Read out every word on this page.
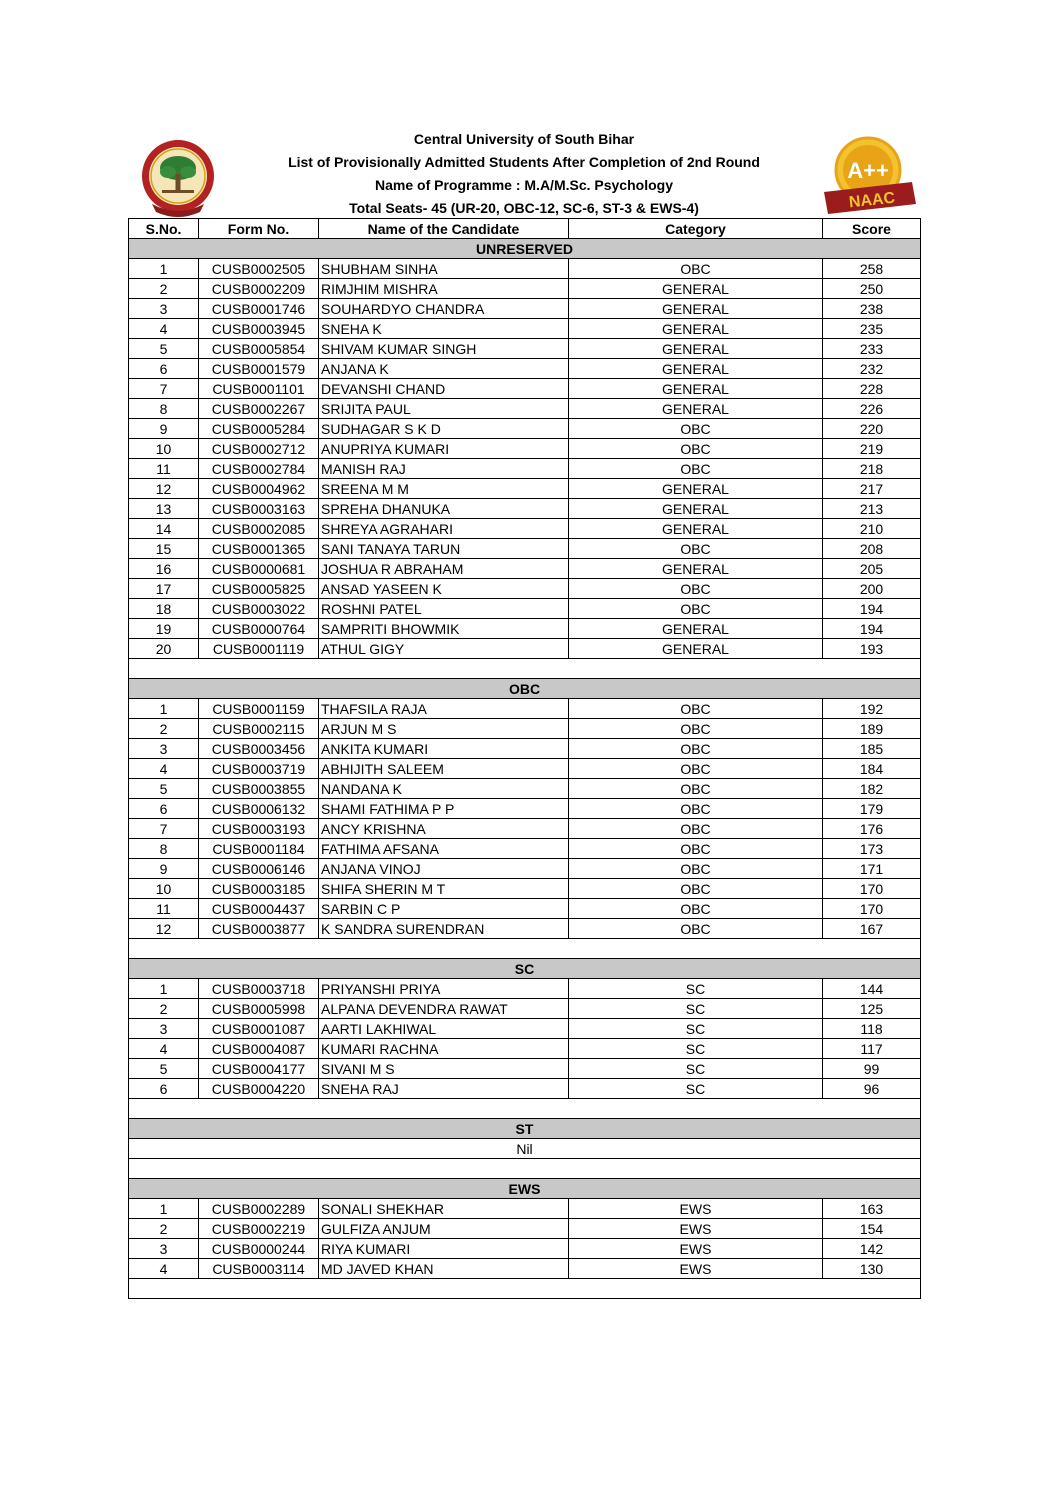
Central University of South Bihar
List of Provisionally Admitted Students After Completion of 2nd Round
Name of Programme : M.A/M.Sc. Psychology
Total Seats- 45 (UR-20, OBC-12, SC-6, ST-3 & EWS-4)
A++
NAAC
S.No.	Form No.	Name of the Candidate	Category	Score
UNRESERVED				
1	CUSB0002505	SHUBHAM SINHA	OBC	258
2	CUSB0002209	RIMJHIM MISHRA	GENERAL	250
3	CUSB0001746	SOUHARDYO CHANDRA	GENERAL	238
4	CUSB0003945	SNEHA K	GENERAL	235
5	CUSB0005854	SHIVAM KUMAR SINGH	GENERAL	233
6	CUSB0001579	ANJANA K	GENERAL	232
7	CUSB0001101	DEVANSHI CHAND	GENERAL	228
8	CUSB0002267	SRIJITA PAUL	GENERAL	226
9	CUSB0005284	SUDHAGAR S K D	OBC	220
10	CUSB0002712	ANUPRIYA KUMARI	OBC	219
11	CUSB0002784	MANISH RAJ	OBC	218
12	CUSB0004962	SREENA M M	GENERAL	217
13	CUSB0003163	SPREHA DHANUKA	GENERAL	213
14	CUSB0002085	SHREYA AGRAHARI	GENERAL	210
15	CUSB0001365	SANI TANAYA TARUN	OBC	208
16	CUSB0000681	JOSHUA R ABRAHAM	GENERAL	205
17	CUSB0005825	ANSAD YASEEN K	OBC	200
18	CUSB0003022	ROSHNI PATEL	OBC	194
19	CUSB0000764	SAMPRITI BHOWMIK	GENERAL	194
20	CUSB0001119	ATHUL GIGY	GENERAL	193

OBC				
1	CUSB0001159	THAFSILA RAJA	OBC	192
2	CUSB0002115	ARJUN M S	OBC	189
3	CUSB0003456	ANKITA KUMARI	OBC	185
4	CUSB0003719	ABHIJITH SALEEM	OBC	184
5	CUSB0003855	NANDANA K	OBC	182
6	CUSB0006132	SHAMI FATHIMA P P	OBC	179
7	CUSB0003193	ANCY KRISHNA	OBC	176
8	CUSB0001184	FATHIMA AFSANA	OBC	173
9	CUSB0006146	ANJANA VINOJ	OBC	171
10	CUSB0003185	SHIFA SHERIN M T	OBC	170
11	CUSB0004437	SARBIN C P	OBC	170
12	CUSB0003877	K SANDRA SURENDRAN	OBC	167

SC				
1	CUSB0003718	PRIYANSHI PRIYA	SC	144
2	CUSB0005998	ALPANA DEVENDRA RAWAT	SC	125
3	CUSB0001087	AARTI LAKHIWAL	SC	118
4	CUSB0004087	KUMARI RACHNA	SC	117
5	CUSB0004177	SIVANI M S	SC	99
6	CUSB0004220	SNEHA RAJ	SC	96

ST				
Nil				

EWS				
1	CUSB0002289	SONALI SHEKHAR	EWS	163
2	CUSB0002219	GULFIZA ANJUM	EWS	154
3	CUSB0000244	RIYA KUMARI	EWS	142
4	CUSB0003114	MD JAVED KHAN	EWS	130
